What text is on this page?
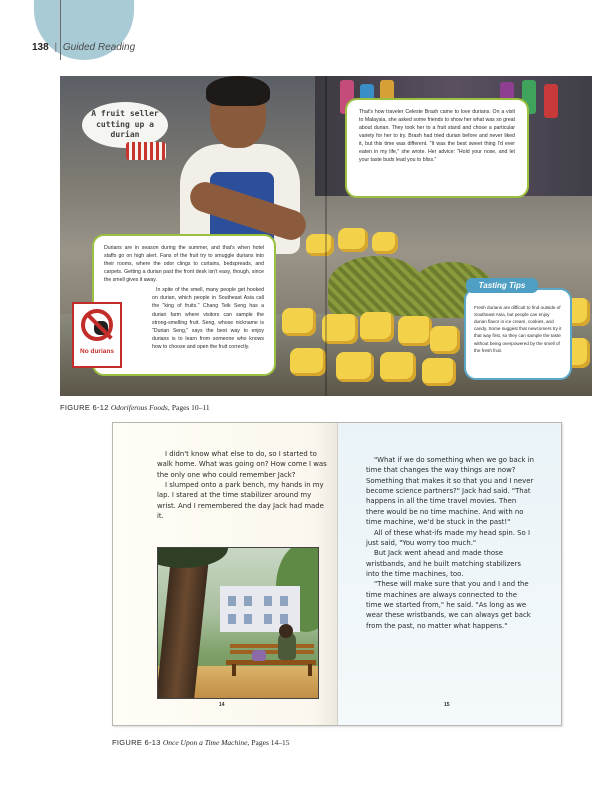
138 | Guided Reading
A fruit seller cutting up a durian
That's how traveler Celeste Brash came to love durians. On a visit to Malaysia, she asked some friends to show her what was so great about durian. They took her to a fruit stand and chose a particular variety for her to try. Brash had tried durian before and never liked it, but this time was different. "It was the best sweet thing I'd ever eaten in my life," she wrote. Her advice: "Hold your nose, and let your taste buds lead you to bliss."

Durians are in season during the summer, and that's when hotel staffs go on high alert. Fans of the fruit try to smuggle durians into their rooms, where the odor clings to curtains, bedspreads, and carpets. Getting a durian past the front desk isn't easy, though, since the smell gives it away.

In spite of the smell, many people get hooked on durian, which people in Southeast Asia call the "king of fruits." Chang Teik Seng has a durian farm where visitors can sample the strong-smelling fruit. Seng, whose nickname is "Durian Seng," says the best way to enjoy durians is to learn from someone who knows how to choose and open the fruit correctly.

No durians
Fresh durians are difficult to find outside of Southeast Asia, but people can enjoy durian flavor in ice cream, cookies, and candy. Some suggest that newcomers try it that way first, so they can sample the taste without being overpowered by the smell of the fresh fruit.
Tasting Tips
FIGURE 6-12 Odoriferous Foods, Pages 10–11

I didn't know what else to do, so I started to walk home. What was going on? How come I was the only one who could remember Jack?

I slumped onto a park bench, my hands in my lap. I stared at the time stabilizer around my wrist. And I remembered the day Jack had made it.

14

"What if we do something when we go back in time that changes the way things are now? Something that makes it so that you and I never become science partners?" Jack had said. "That happens in all the time travel movies. Then there would be no time machine. And with no time machine, we'd be stuck in the past!"

All of these what-ifs made my head spin. So I just said, "You worry too much."

But Jack went ahead and made those wristbands, and he built matching stabilizers into the time machines, too.

"These will make sure that you and I and the time machines are always connected to the time we started from," he said. "As long as we wear these wristbands, we can always get back from the past, no matter what happens."

15
FIGURE 6-13 Once Upon a Time Machine, Pages 14–15
